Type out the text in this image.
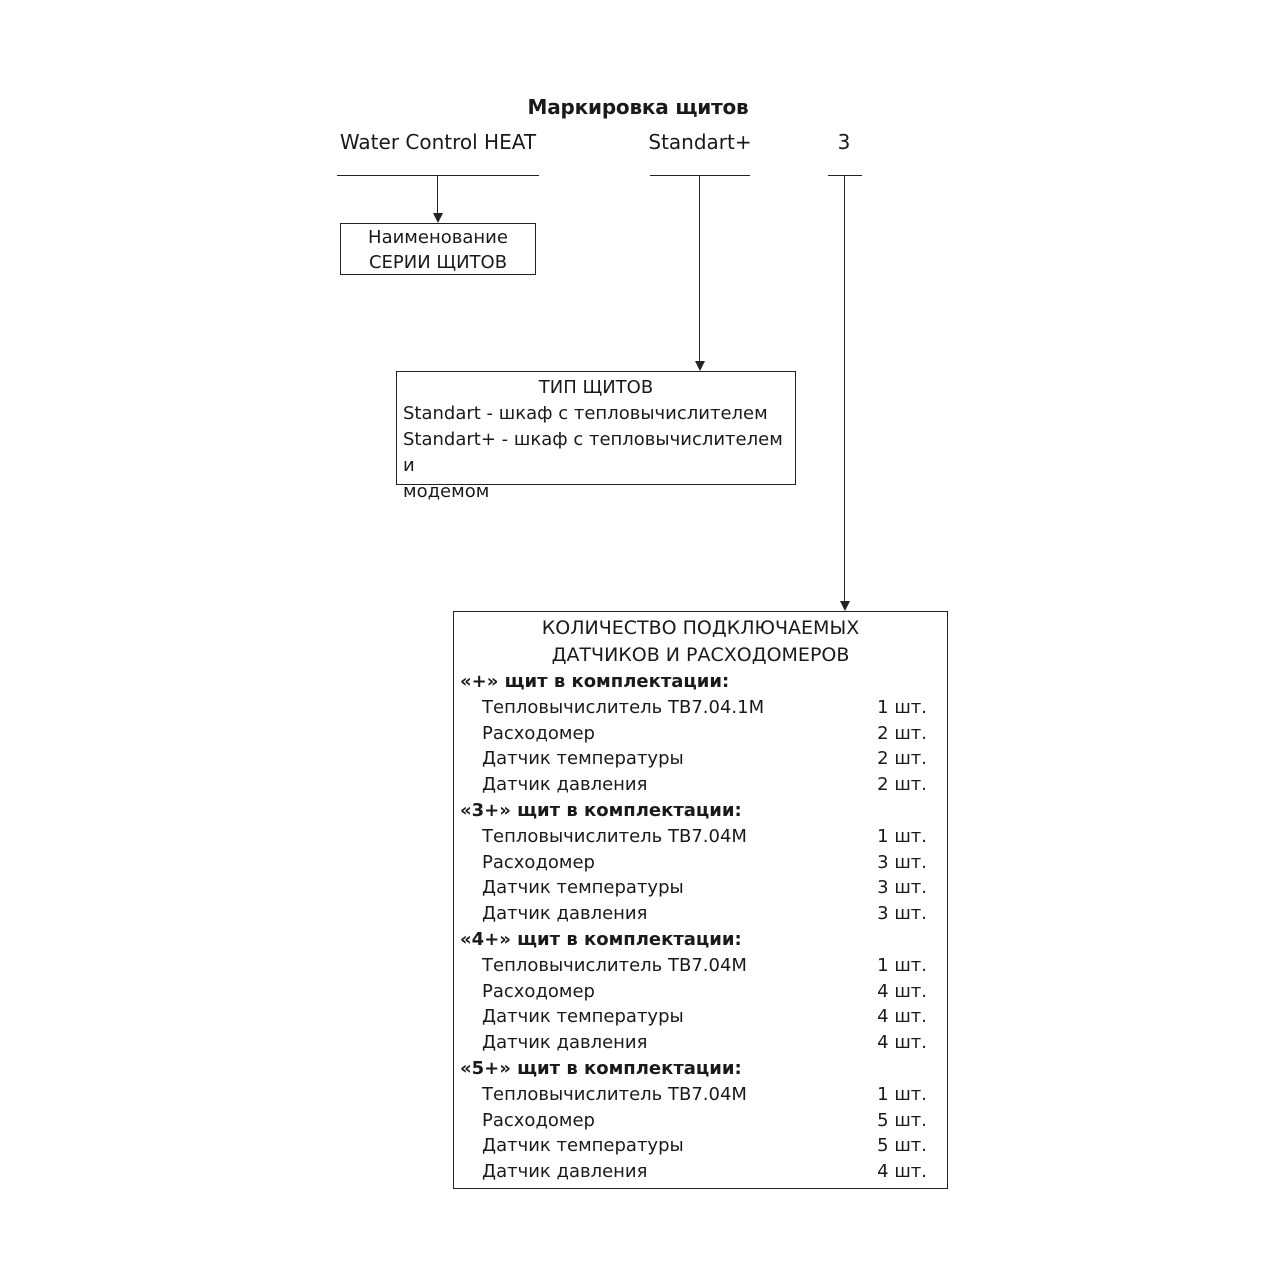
Маркировка щитов
Water Control HEAT	Standart+	3
Наименование
СЕРИИ ЩИТОВ
ТИП ЩИТОВ
Standart - шкаф с тепловычислителем
Standart+ - шкаф с тепловычислителем и
модемом
КОЛИЧЕСТВО ПОДКЛЮЧАЕМЫХ
ДАТЧИКОВ И РАСХОДОМЕРОВ
«+» щит в комплектации:
Тепловычислитель ТВ7.04.1М	1 шт.
Расходомер	2 шт.
Датчик температуры	2 шт.
Датчик давления	2 шт.
«3+» щит в комплектации:
Тепловычислитель ТВ7.04М	1 шт.
Расходомер	3 шт.
Датчик температуры	3 шт.
Датчик давления	3 шт.
«4+» щит в комплектации:
Тепловычислитель ТВ7.04М	1 шт.
Расходомер	4 шт.
Датчик температуры	4 шт.
Датчик давления	4 шт.
«5+» щит в комплектации:
Тепловычислитель ТВ7.04М	1 шт.
Расходомер	5 шт.
Датчик температуры	5 шт.
Датчик давления	4 шт.
